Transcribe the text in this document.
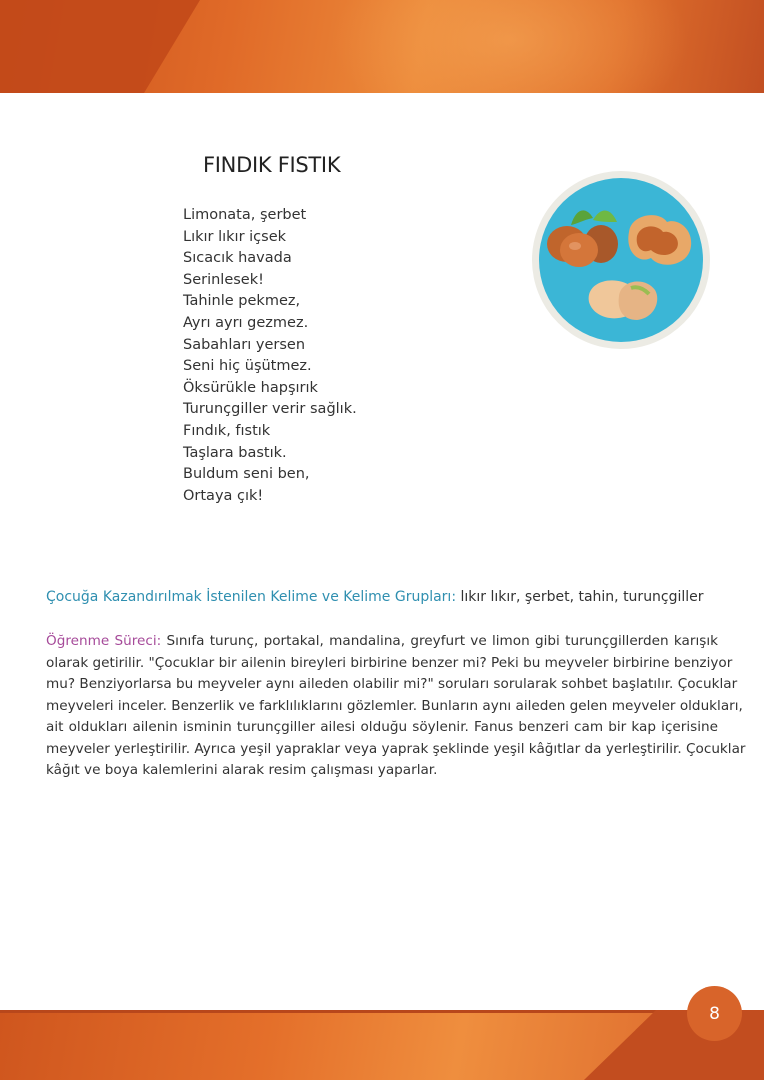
FINDIK FISTIK
Limonata, şerbet
Lıkır lıkır içsek
Sıcacık havada
Serinlesek!
Tahinle pekmez,
Ayrı ayrı gezmez.
Sabahları yersen
Seni hiç üşütmez.
Öksürükle hapşırık
Turunçgiller verir sağlık.
Fındık, fıstık
Taşlara bastık.
Buldum seni ben,
Ortaya çık!
Çocuğa Kazandırılmak İstenilen Kelime ve Kelime Grupları: lıkır lıkır, şerbet, tahin, turunçgiller
Öğrenme Süreci: Sınıfa turunç, portakal, mandalina, greyfurt ve limon gibi turunçgillerden karışık
olarak getirilir. "Çocuklar bir ailenin bireyleri birbirine benzer mi? Peki bu meyveler birbirine benziyor
mu? Benziyorlarsa bu meyveler aynı aileden olabilir mi?" soruları sorularak sohbet başlatılır. Çocuklar
meyveleri inceler. Benzerlik ve farklılıklarını gözlemler. Bunların aynı aileden gelen meyveler oldukları,
ait oldukları ailenin isminin turunçgiller ailesi olduğu söylenir. Fanus benzeri cam bir kap içerisine
meyveler yerleştirilir. Ayrıca yeşil yapraklar veya yaprak şeklinde yeşil kâğıtlar da yerleştirilir. Çocuklar
kâğıt ve boya kalemlerini alarak resim çalışması yaparlar.
8
